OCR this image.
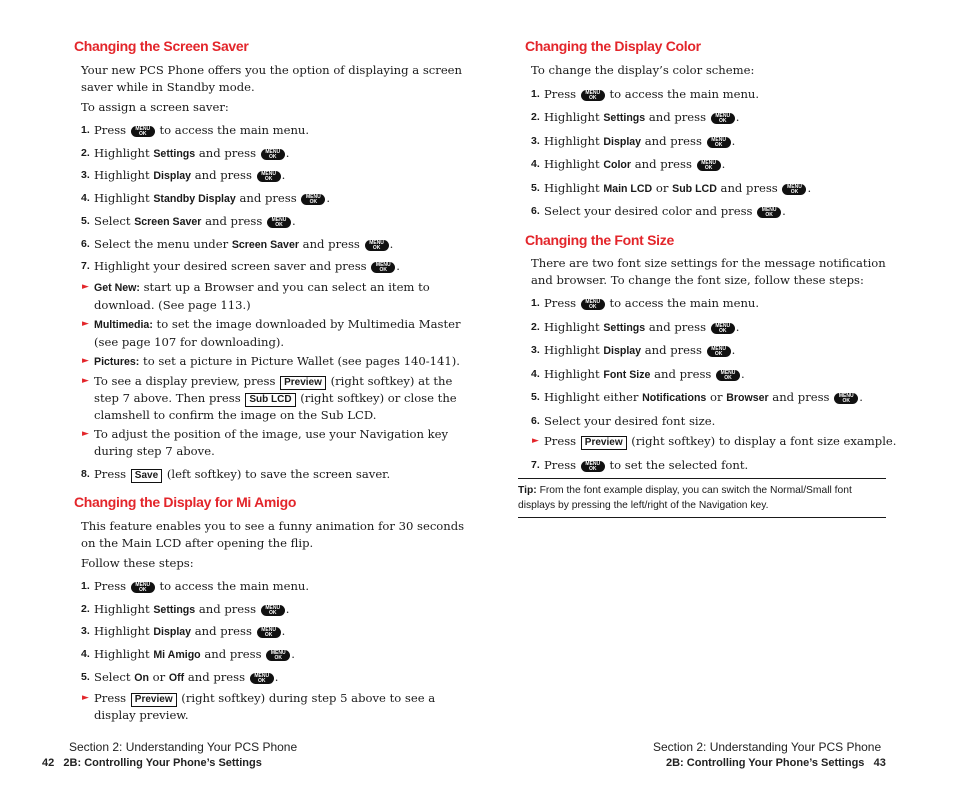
Changing the Screen Saver

Your new PCS Phone offers you the option of displaying a screen saver while in Standby mode.

To assign a screen saver:

1. Press	MENU
OK	to access the main menu.
2. Highlight Settings and press	MENU
OK .
3. Highlight Display and press	MENU
OK .
4. Highlight Standby Display and press	MENU
OK .
5. Select Screen Saver and press	MENU
OK .
6. Select the menu under Screen Saver and press	MENU
OK .
7. Highlight your desired screen saver and press	MENU
OK .
► Get New: start up a Browser and you can select an item to download. (See page 113.)
► Multimedia: to set the image downloaded by Multimedia Master (see page 107 for downloading).
► Pictures: to set a picture in Picture Wallet (see pages 140-141).
► To see a display preview, press Preview (right softkey) at the step 7 above. Then press Sub LCD (right softkey) or close the clamshell to confirm the image on the Sub LCD.
► To adjust the position of the image, use your Navigation key during step 7 above.
8. Press Save (left softkey) to save the screen saver.
Changing the Display for Mi Amigo

This feature enables you to see a funny animation for 30 seconds on the Main LCD after opening the flip.

Follow these steps:

1. Press	MENU
OK	to access the main menu.
2. Highlight Settings and press	MENU
OK .
3. Highlight Display and press	MENU
OK .
4. Highlight Mi Amigo and press	MENU
OK .
5. Select On or Off and press	MENU
OK .
► Press Preview (right softkey) during step 5 above to see a display preview.
Section 2: Understanding Your PCS Phone
42 2B: Controlling Your Phone’s Settings
Changing the Display Color

To change the display’s color scheme:

1. Press	MENU
OK	to access the main menu.
2. Highlight Settings and press	MENU
OK .
3. Highlight Display and press	MENU
OK .
4. Highlight Color and press	MENU
OK .
5. Highlight Main LCD or Sub LCD and press	MENU
OK .
6. Select your desired color and press	MENU
OK .
Changing the Font Size

There are two font size settings for the message notification and browser. To change the font size, follow these steps:

1. Press	MENU
OK	to access the main menu.
2. Highlight Settings and press	MENU
OK .
3. Highlight Display and press	MENU
OK .
4. Highlight Font Size and press	MENU
OK .
5. Highlight either Notifications or Browser and press	MENU
OK .
6. Select your desired font size.
► Press Preview (right softkey) to display a font size example.
7. Press	MENU
OK	to set the selected font.
Tip: From the font example display, you can switch the Normal/Small font displays by pressing the left/right of the Navigation key.
Section 2: Understanding Your PCS Phone
2B: Controlling Your Phone’s Settings 43
